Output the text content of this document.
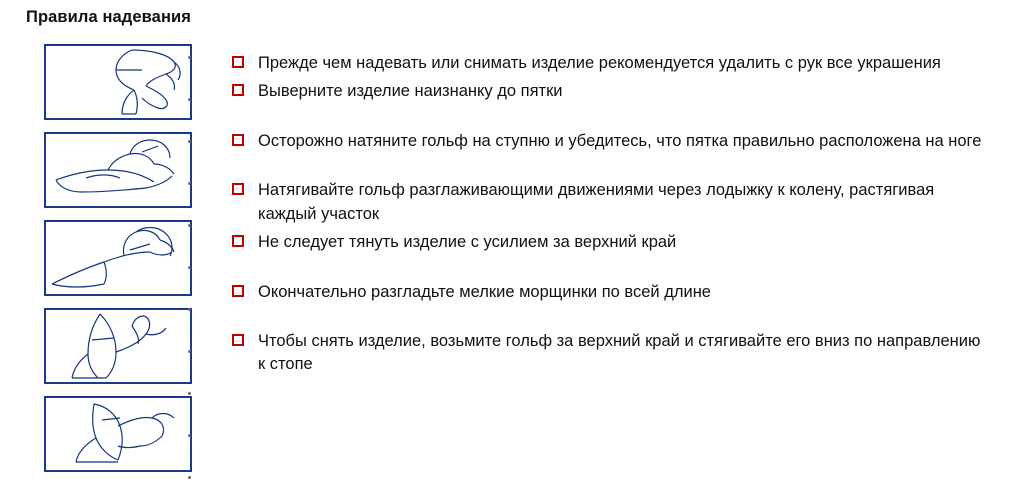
Правила надевания
Прежде чем надевать или снимать изделие рекомендуется удалить с рук все украшения
Выверните изделие наизнанку до пятки
Осторожно натяните гольф на ступню и убедитесь, что пятка правильно расположена на ноге
Натягивайте гольф разглаживающими движениями через лодыжку к колену, растягивая каждый участок
Не следует тянуть изделие с усилием за верхний край
Окончательно разгладьте мелкие морщинки по всей длине
Чтобы снять изделие, возьмите гольф за верхний край и стягивайте его вниз по направлению к стопе
